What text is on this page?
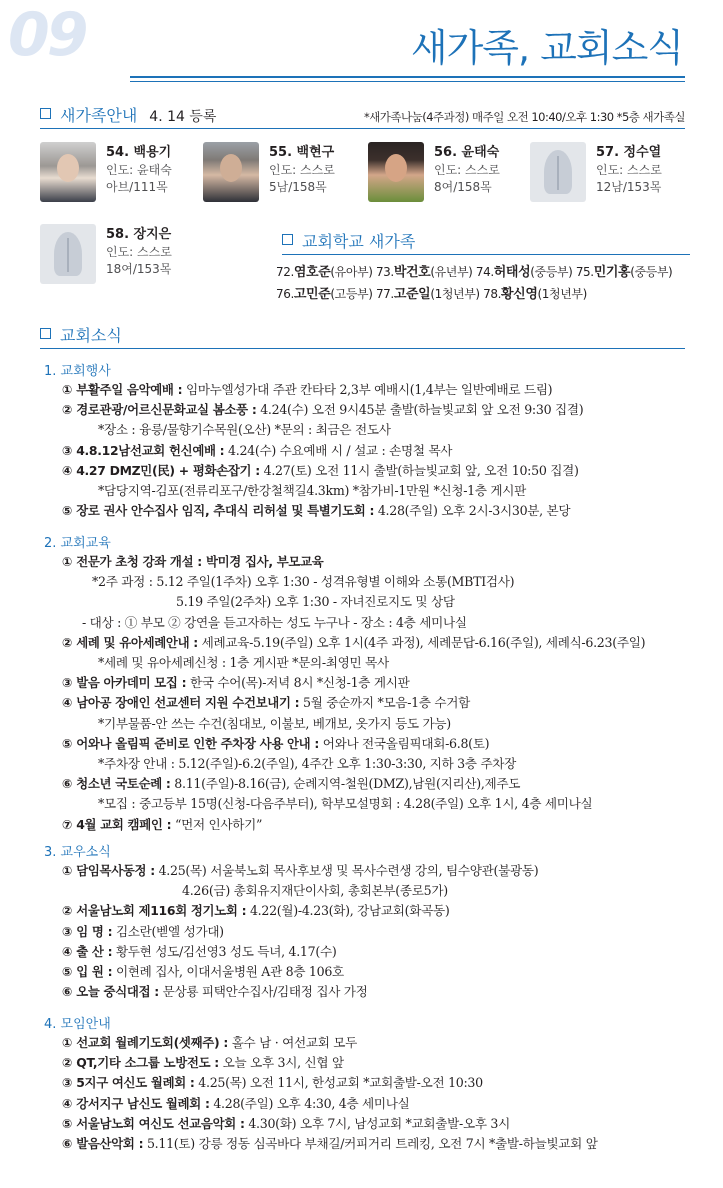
09	새가족, 교회소식
새가족안내 4. 14 등록	*새가족나눔(4주과정) 매주일 오전 10:40/오후 1:30 *5층 새가족실
54. 백용기
인도: 윤태숙
아브/111목
55. 백현구
인도: 스스로
5남/158목
56. 윤태숙
인도: 스스로
8여/158목
57. 정수열
인도: 스스로
12남/153목
58. 장지은
인도: 스스로
18여/153목
교회학교 새가족
72.염호준(유아부) 73.박건호(유년부) 74.허태성(중등부) 75.민기홍(중등부)
76.고민준(고등부) 77.고준일(1청년부) 78.황신영(1청년부)
교회소식
1. 교회행사
① 부활주일 음악예배 : 임마누엘성가대 주관 칸타타 2,3부 예배시(1,4부는 일반예배로 드림)
② 경로관광/어르신문화교실 봄소풍 : 4.24(수) 오전 9시45분 출발(하늘빛교회 앞 오전 9:30 집결)
*장소 : 융릉/물향기수목원(오산) *문의 : 최금은 전도사
③ 4.8.12남선교회 헌신예배 : 4.24(수) 수요예배 시 / 설교 : 손명철 목사
④ 4.27 DMZ민(民) + 평화손잡기 : 4.27(토) 오전 11시 출발(하늘빛교회 앞, 오전 10:50 집결)
*담당지역-김포(전류리포구/한강철책길4.3km) *참가비-1만원 *신청-1층 게시판
⑤ 장로 권사 안수집사 임직, 추대식 리허설 및 특별기도회 : 4.28(주일) 오후 2시-3시30분, 본당
2. 교회교육
① 전문가 초청 강좌 개설 : 박미경 집사, 부모교육
*2주 과정 : 5.12 주일(1주차) 오후 1:30 - 성격유형별 이해와 소통(MBTI검사)
5.19 주일(2주차) 오후 1:30 - 자녀진로지도 및 상담
- 대상 : ① 부모 ② 강연을 듣고자하는 성도 누구나 - 장소 : 4층 세미나실
② 세례 및 유아세례안내 : 세례교육-5.19(주일) 오후 1시(4주 과정), 세례문답-6.16(주일), 세례식-6.23(주일)
*세례 및 유아세례신청 : 1층 게시판 *문의-최영민 목사
③ 발음 아카데미 모집 : 한국 수어(목)-저녁 8시 *신청-1층 게시판
④ 남아공 장애인 선교센터 지원 수건보내기 : 5월 중순까지 *모음-1층 수거함
*기부물품-안 쓰는 수건(침대보, 이불보, 베개보, 옷가지 등도 가능)
⑤ 어와나 올림픽 준비로 인한 주차장 사용 안내 : 어와나 전국올림픽대회-6.8(토)
*주차장 안내 : 5.12(주일)-6.2(주일), 4주간 오후 1:30-3:30, 지하 3층 주차장
⑥ 청소년 국토순례 : 8.11(주일)-8.16(금), 순례지역-철원(DMZ),남원(지리산),제주도
*모집 : 중고등부 15명(신청-다음주부터), 학부모설명회 : 4.28(주일) 오후 1시, 4층 세미나실
⑦ 4월 교회 캠페인 : “먼저 인사하기”
3. 교우소식
① 담임목사동정 : 4.25(목) 서울북노회 목사후보생 및 목사수련생 강의, 팀수양관(불광동)
4.26(금) 총회유지재단이사회, 총회본부(종로5가)
② 서울남노회 제116회 정기노회 : 4.22(월)-4.23(화), 강남교회(화곡동)
③ 임 명 : 김소란(벧엘 성가대)
④ 출 산 : 황두현 성도/김선영3 성도 득녀, 4.17(수)
⑤ 입 원 : 이현례 집사, 이대서울병원 A관 8층 106호
⑥ 오늘 중식대접 : 문상룡 피택안수집사/김태정 집사 가정
4. 모임안내
① 선교회 월례기도회(셋째주) : 홀수 남 · 여선교회 모두
② QT,기타 소그룹 노방전도 : 오늘 오후 3시, 신협 앞
③ 5지구 여신도 월례회 : 4.25(목) 오전 11시, 한성교회 *교회출발-오전 10:30
④ 강서지구 남신도 월례회 : 4.28(주일) 오후 4:30, 4층 세미나실
⑤ 서울남노회 여신도 선교음악회 : 4.30(화) 오후 7시, 남성교회 *교회출발-오후 3시
⑥ 발음산악회 : 5.11(토) 강릉 정동 심곡바다 부채길/커피거리 트레킹, 오전 7시 *출발-하늘빛교회 앞
